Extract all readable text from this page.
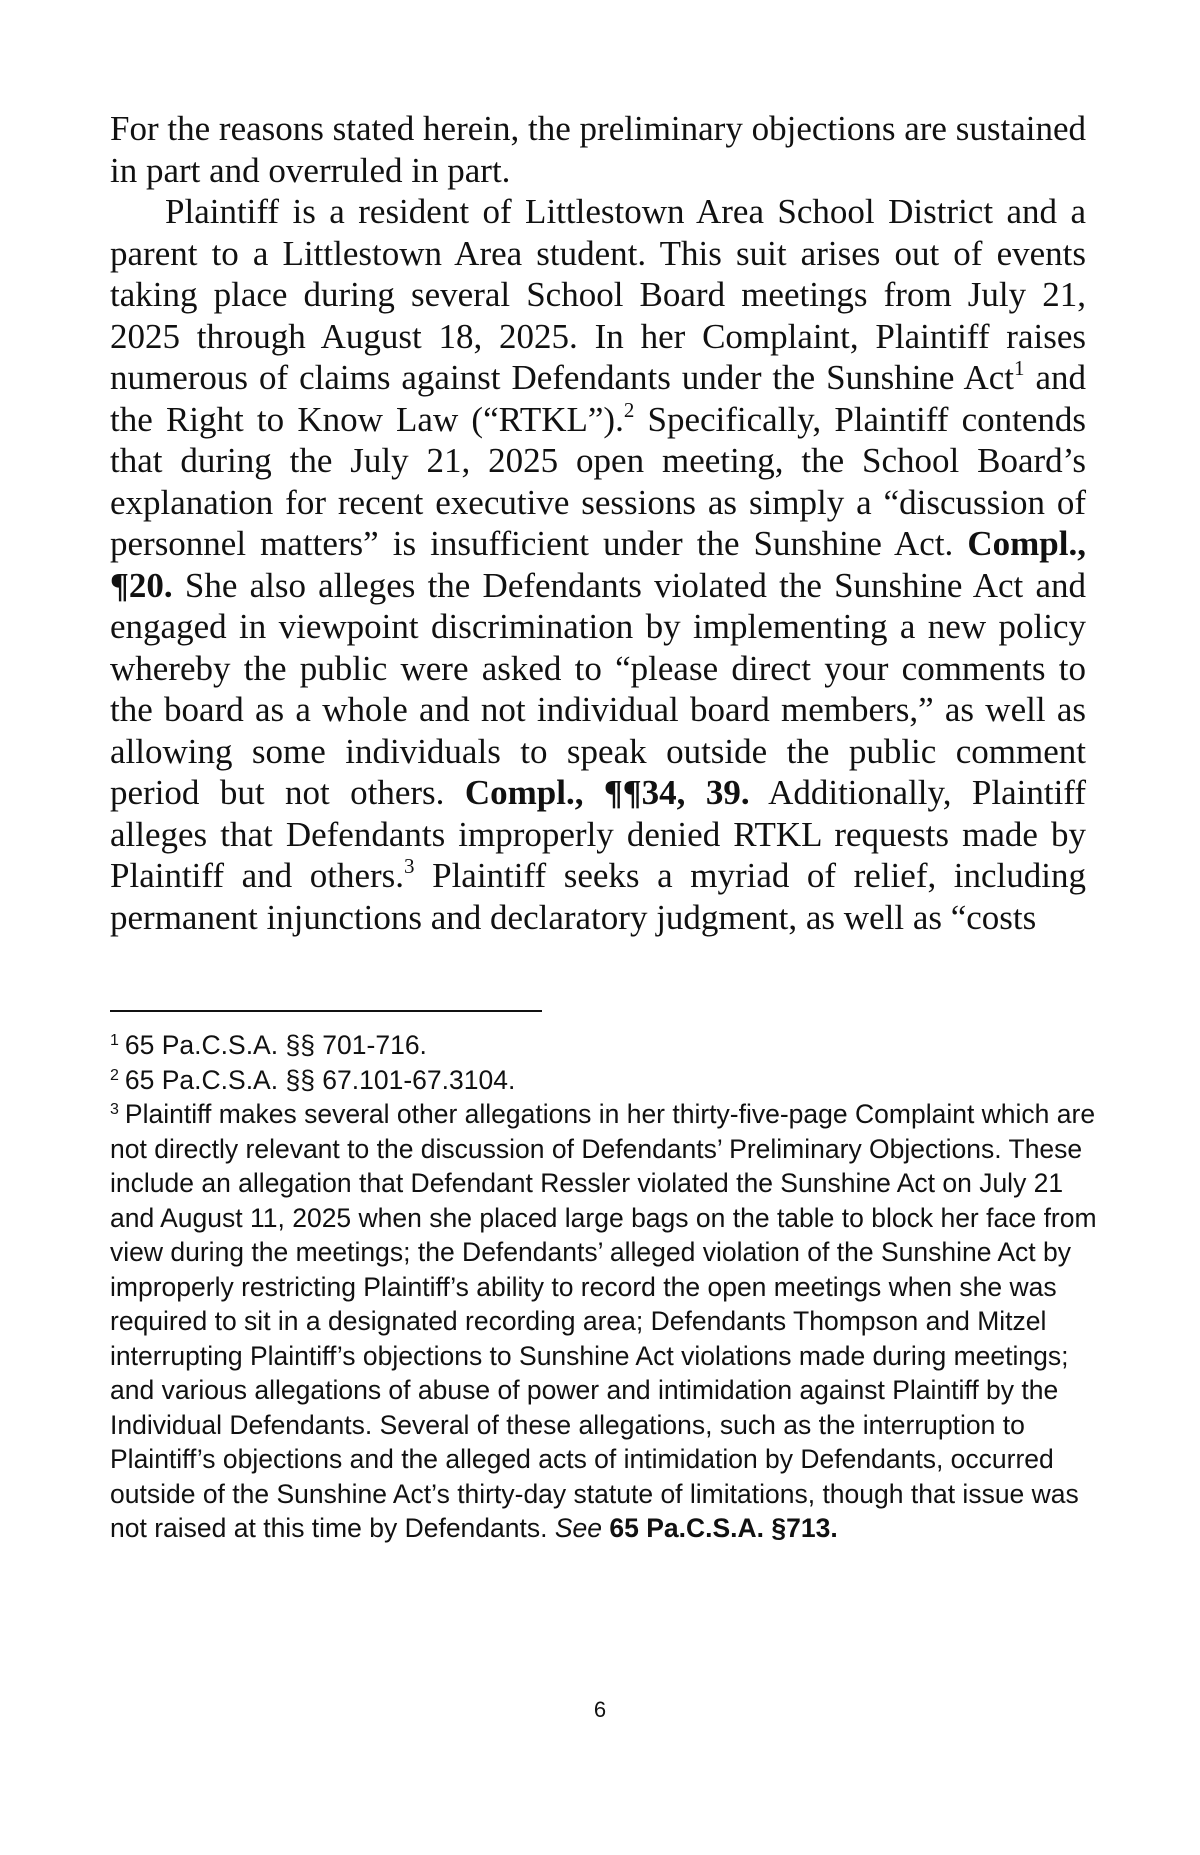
For the reasons stated herein, the preliminary objections are sustained in part and overruled in part.

Plaintiff is a resident of Littlestown Area School District and a parent to a Littlestown Area student. This suit arises out of events taking place during several School Board meetings from July 21, 2025 through August 18, 2025. In her Complaint, Plaintiff raises numerous of claims against Defendants under the Sunshine Act$^1$ and the Right to Know Law (“RTKL”).$^2$ Specifically, Plaintiff contends that during the July 21, 2025 open meeting, the School Board’s explanation for recent executive sessions as simply a “discussion of personnel matters” is insufficient under the Sunshine Act. Compl., ¶20. She also alleges the Defendants violated the Sunshine Act and engaged in viewpoint discrimination by implementing a new policy whereby the public were asked to “please direct your comments to the board as a whole and not individual board members,” as well as allowing some individuals to speak outside the public comment period but not others. Compl., ¶¶34, 39. Additionally, Plaintiff alleges that Defendants improperly denied RTKL requests made by Plaintiff and others.$^3$ Plaintiff seeks a myriad of relief, including permanent injunctions and declaratory judgment, as well as “costs

$^1$ 65 Pa.C.S.A. §§ 701-716.

$^2$ 65 Pa.C.S.A. §§ 67.101-67.3104.

$^3$ Plaintiff makes several other allegations in her thirty-five-page Complaint which are not directly relevant to the discussion of Defendants’ Preliminary Objections. These include an allegation that Defendant Ressler violated the Sunshine Act on July 21 and August 11, 2025 when she placed large bags on the table to block her face from view during the meetings; the Defendants’ alleged violation of the Sunshine Act by improperly restricting Plaintiff’s ability to record the open meetings when she was required to sit in a designated recording area; Defendants Thompson and Mitzel interrupting Plaintiff’s objections to Sunshine Act violations made during meetings; and various allegations of abuse of power and intimidation against Plaintiff by the Individual Defendants. Several of these allegations, such as the interruption to Plaintiff’s objections and the alleged acts of intimidation by Defendants, occurred outside of the Sunshine Act’s thirty-day statute of limitations, though that issue was not raised at this time by Defendants. See 65 Pa.C.S.A. §713.

6
